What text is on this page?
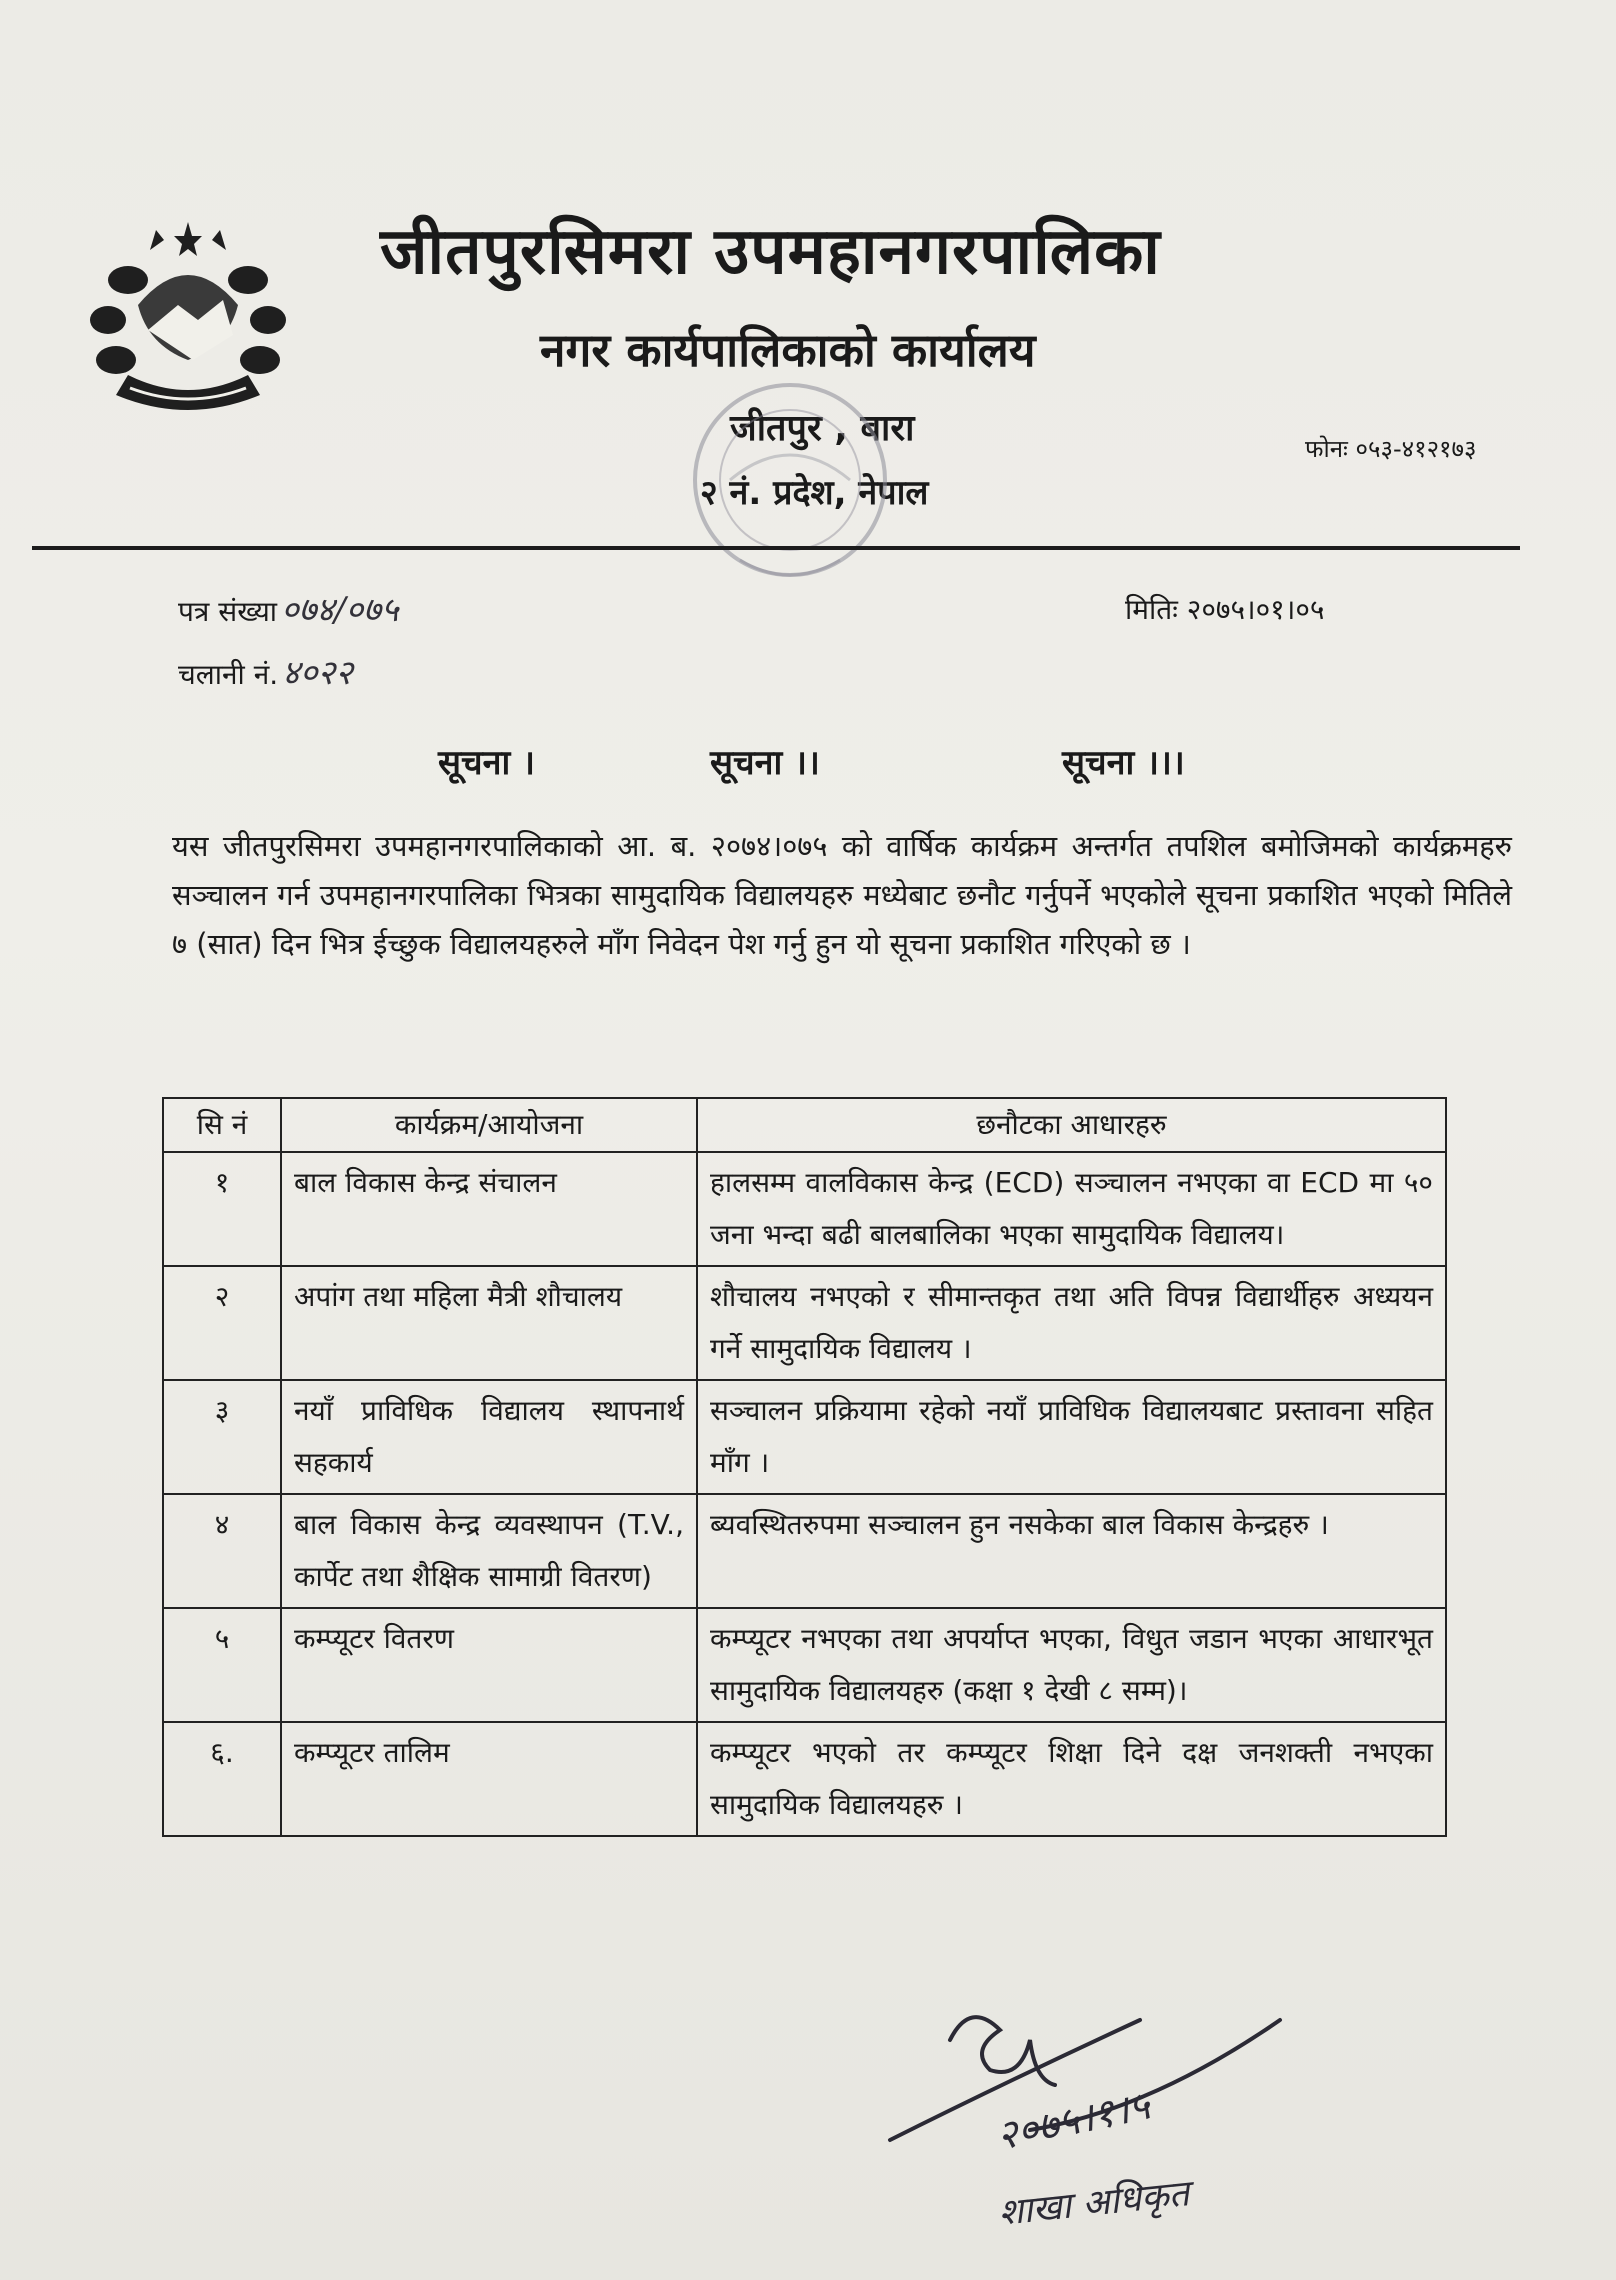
जीतपुरसिमरा उपमहानगरपालिका
नगर कार्यपालिकाको कार्यालय
जीतपुर , बारा
२ नं. प्रदेश, नेपाल
फोनः ०५३-४१२१७३
पत्र संख्या ०७४/०७५
चलानी नं. ४०२२
मितिः २०७५।०१।०५
सूचना ।	सूचना ।।	सूचना ।।।
यस जीतपुरसिमरा उपमहानगरपालिकाको आ. ब. २०७४।०७५ को वार्षिक कार्यक्रम अन्तर्गत तपशिल बमोजिमको कार्यक्रमहरु सञ्चालन गर्न उपमहानगरपालिका भित्रका सामुदायिक विद्यालयहरु मध्येबाट छनौट गर्नुपर्ने भएकोले सूचना प्रकाशित भएको मितिले ७ (सात) दिन भित्र ईच्छुक विद्यालयहरुले माँग निवेदन पेश गर्नु हुन यो सूचना प्रकाशित गरिएको छ ।
सि नं	कार्यक्रम/आयोजना	छनौटका आधारहरु
१	बाल विकास केन्द्र संचालन	हालसम्म वालविकास केन्द्र (ECD) सञ्चालन नभएका वा ECD मा ५० जना भन्दा बढी बालबालिका भएका सामुदायिक विद्यालय।
२	अपांग तथा महिला मैत्री शौचालय	शौचालय नभएको र सीमान्तकृत तथा अति विपन्न विद्यार्थीहरु अध्ययन गर्ने सामुदायिक विद्यालय ।
३	नयाँ प्राविधिक विद्यालय स्थापनार्थ सहकार्य	सञ्चालन प्रक्रियामा रहेको नयाँ प्राविधिक विद्यालयबाट प्रस्तावना सहित माँग ।
४	बाल विकास केन्द्र व्यवस्थापन (T.V., कार्पेट तथा शैक्षिक सामाग्री वितरण)	ब्यवस्थितरुपमा सञ्चालन हुन नसकेका बाल विकास केन्द्रहरु ।
५	कम्प्यूटर वितरण	कम्प्यूटर नभएका तथा अपर्याप्त भएका, विधुत जडान भएका आधारभूत सामुदायिक विद्यालयहरु (कक्षा १ देखी ८ सम्म)।
६.	कम्प्यूटर तालिम	कम्प्यूटर भएको तर कम्प्यूटर शिक्षा दिने दक्ष जनशक्ती नभएका सामुदायिक विद्यालयहरु ।
२०७५।१।५
शाखा अधिकृत
